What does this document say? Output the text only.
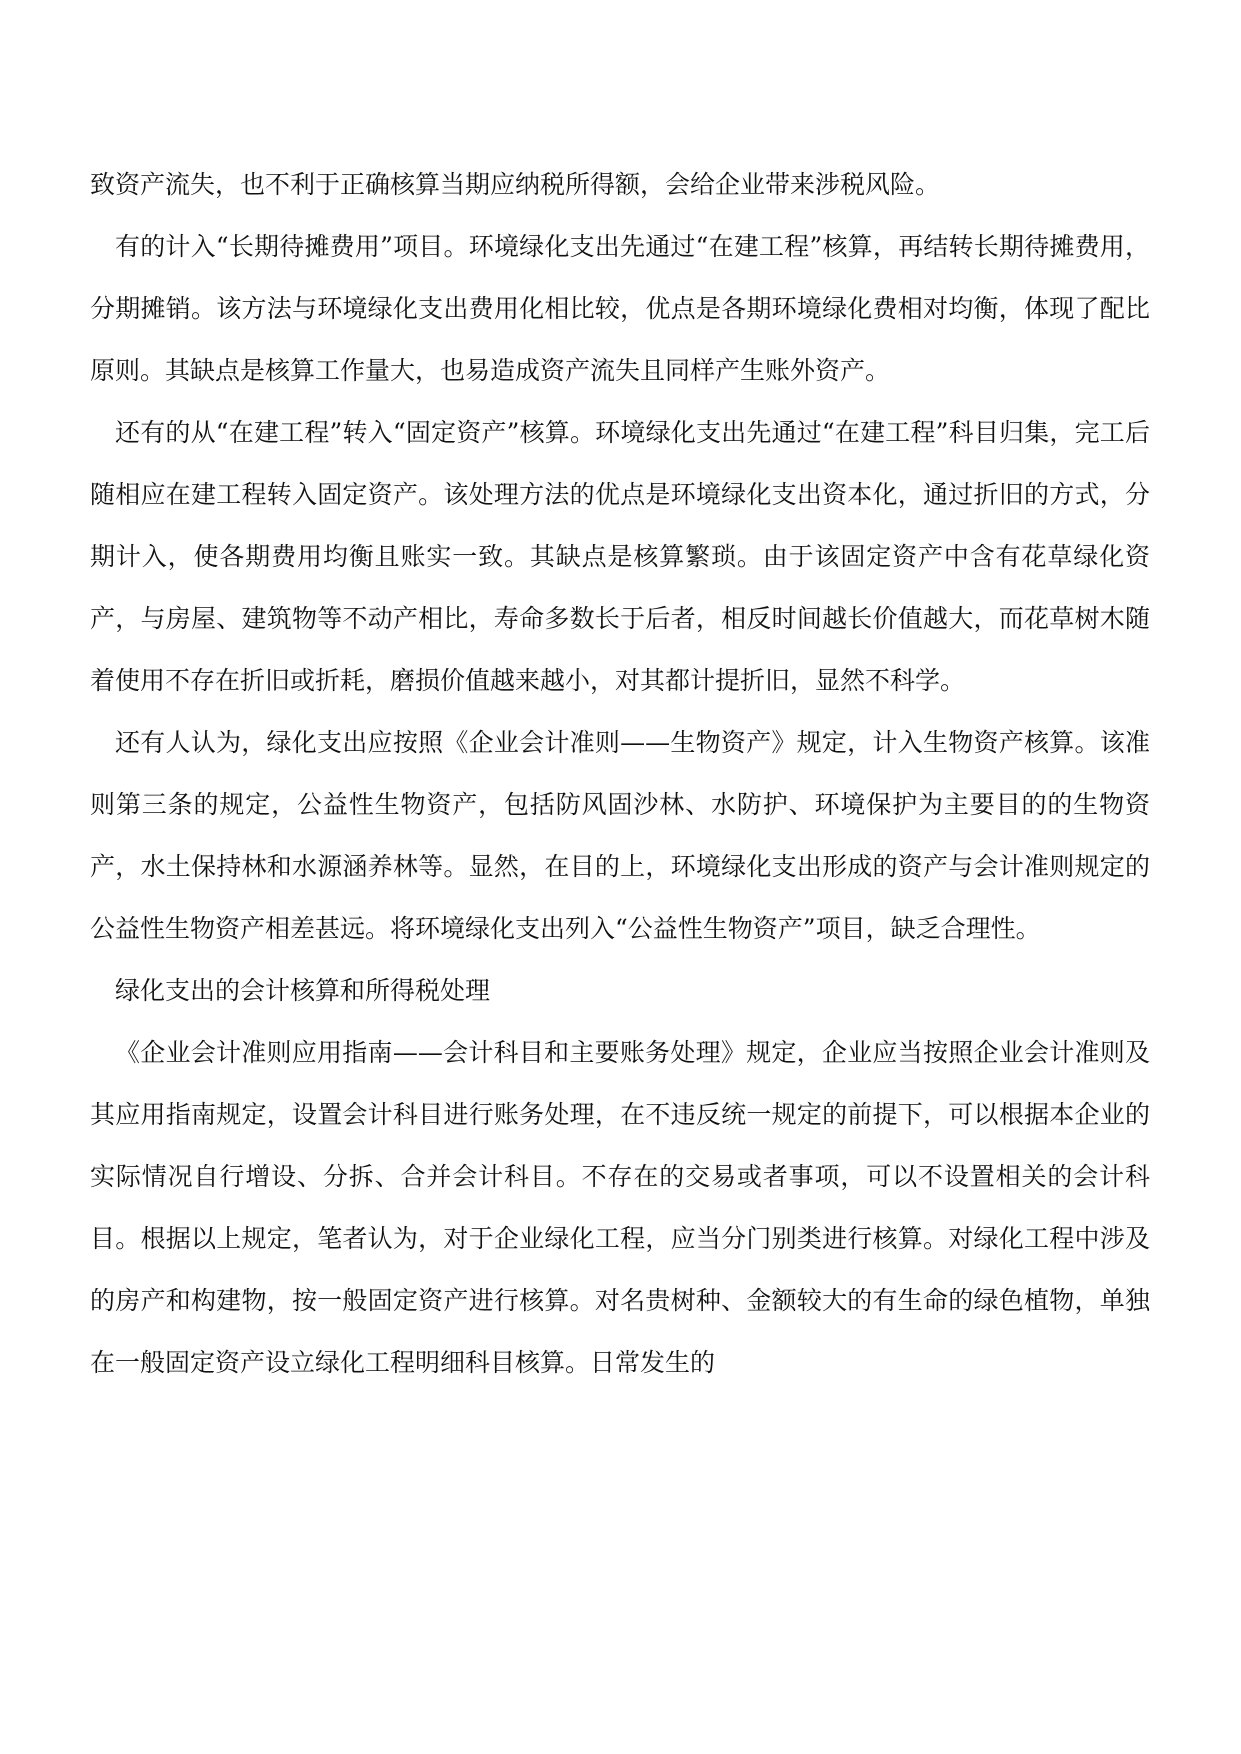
致资产流失，也不利于正确核算当期应纳税所得额，会给企业带来涉税风险。

有的计入“长期待摊费用”项目。环境绿化支出先通过“在建工程”核算，再结转长期待摊费用，分期摊销。该方法与环境绿化支出费用化相比较，优点是各期环境绿化费相对均衡，体现了配比原则。其缺点是核算工作量大，也易造成资产流失且同样产生账外资产。

还有的从“在建工程”转入“固定资产”核算。环境绿化支出先通过“在建工程”科目归集，完工后随相应在建工程转入固定资产。该处理方法的优点是环境绿化支出资本化，通过折旧的方式，分期计入，使各期费用均衡且账实一致。其缺点是核算繁琐。由于该固定资产中含有花草绿化资产，与房屋、建筑物等不动产相比，寿命多数长于后者，相反时间越长价值越大，而花草树木随着使用不存在折旧或折耗，磨损价值越来越小，对其都计提折旧，显然不科学。

还有人认为，绿化支出应按照《企业会计准则——生物资产》规定，计入生物资产核算。该准则第三条的规定，公益性生物资产，包括防风固沙林、水防护、环境保护为主要目的的生物资产，水土保持林和水源涵养林等。显然，在目的上，环境绿化支出形成的资产与会计准则规定的公益性生物资产相差甚远。将环境绿化支出列入“公益性生物资产”项目，缺乏合理性。

绿化支出的会计核算和所得税处理

《企业会计准则应用指南——会计科目和主要账务处理》规定，企业应当按照企业会计准则及其应用指南规定，设置会计科目进行账务处理，在不违反统一规定的前提下，可以根据本企业的实际情况自行增设、分拆、合并会计科目。不存在的交易或者事项，可以不设置相关的会计科目。根据以上规定，笔者认为，对于企业绿化工程，应当分门别类进行核算。对绿化工程中涉及的房产和构建物，按一般固定资产进行核算。对名贵树种、金额较大的有生命的绿色植物，单独在一般固定资产设立绿化工程明细科目核算。日常发生的
